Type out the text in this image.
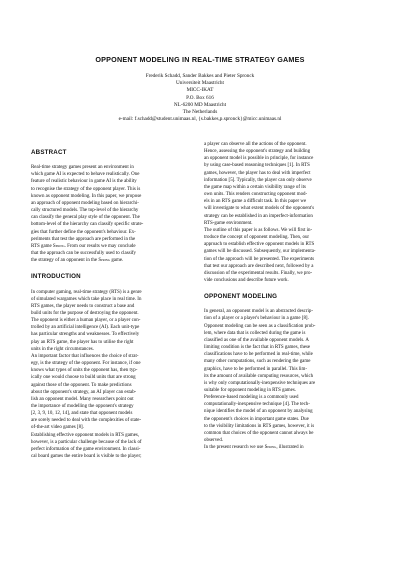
OPPONENT MODELING IN REAL-TIME STRATEGY GAMES
Frederik Schadd, Sander Bakkes and Pieter Spronck
Universiteit Maastricht
MICC-IKAT
P.O. Box 616
NL-6200 MD Maastricht
The Netherlands
e-mail: f.schadd@student.unimaas.nl, {s.bakkes,p.spronck}@micc.unimaas.nl
ABSTRACT
Real-time strategy games present an environment in
which game AI is expected to behave realistically. One
feature of realistic behaviour in game AI is the ability
to recognise the strategy of the opponent player. This is
known as opponent modeling. In this paper, we propose
an approach of opponent modeling based on hierarchi-
cally structured models. The top-level of the hierarchy
can classify the general play style of the opponent. The
bottom-level of the hierarchy can classify specific strate-
gies that further define the opponent's behaviour. Ex-
periments that test the approach are performed in the
RTS game Spring. From our results we may conclude
that the approach can be successfully used to classify
the strategy of an opponent in the Spring game.
INTRODUCTION
In computer gaming, real-time strategy (RTS) is a genre
of simulated wargames which take place in real time. In
RTS games, the player needs to construct a base and
build units for the purpose of destroying the opponent.
The opponent is either a human player, or a player con-
trolled by an artificial intelligence (AI). Each unit-type
has particular strengths and weaknesses. To effectively
play an RTS game, the player has to utilise the right
units in the right circumstances.
An important factor that influences the choice of strat-
egy, is the strategy of the opponent. For instance, if one
knows what types of units the opponent has, then typ-
ically one would choose to build units that are strong
against those of the opponent. To make predictions
about the opponent's strategy, an AI player can estab-
lish an opponent model. Many researchers point out
the importance of modelling the opponent's strategy
[2, 3, 9, 10, 12, 14], and state that opponent models
are sorely needed to deal with the complexities of state-
of-the-art video games [8].
Establishing effective opponent models in RTS games,
however, is a particular challenge because of the lack of
perfect information of the game environment. In classi-
cal board games the entire board is visible to the player;
a player can observe all the actions of the opponent.
Hence, assessing the opponent's strategy and building
an opponent model is possible in principle, for instance
by using case-based reasoning techniques [1]. In RTS
games, however, the player has to deal with imperfect
information [5]. Typically, the player can only observe
the game map within a certain visibility range of its
own units. This renders constructing opponent mod-
els in an RTS game a difficult task. In this paper we
will investigate to what extent models of the opponent's
strategy can be established in an imperfect-information
RTS-game environment.
The outline of this paper is as follows. We will first in-
troduce the concept of opponent modeling. Then, our
approach to establish effective opponent models in RTS
games will be discussed. Subsequently, our implementa-
tion of the approach will be presented. The experiments
that test our approach are described next, followed by a
discussion of the experimental results. Finally, we pro-
vide conclusions and describe future work.
OPPONENT MODELING
In general, an opponent model is an abstracted descrip-
tion of a player or a player's behaviour in a game [8].
Opponent modeling can be seen as a classification prob-
lem, where data that is collected during the game is
classified as one of the available opponent models. A
limiting condition is the fact that in RTS games, these
classifications have to be performed in real-time, while
many other computations, such as rendering the game
graphics, have to be performed in parallel. This lim-
its the amount of available computing resources, which
is why only computationally-inexpensive techniques are
suitable for opponent modeling in RTS games.
Preference-based modeling is a commonly used
computationally-inexpensive technique [4]. The tech-
nique identifies the model of an opponent by analysing
the opponent's choices in important game states. Due
to the visibility limitations in RTS games, however, it is
common that choices of the opponent cannot always be
observed.
In the present research we use Spring, illustrated in
